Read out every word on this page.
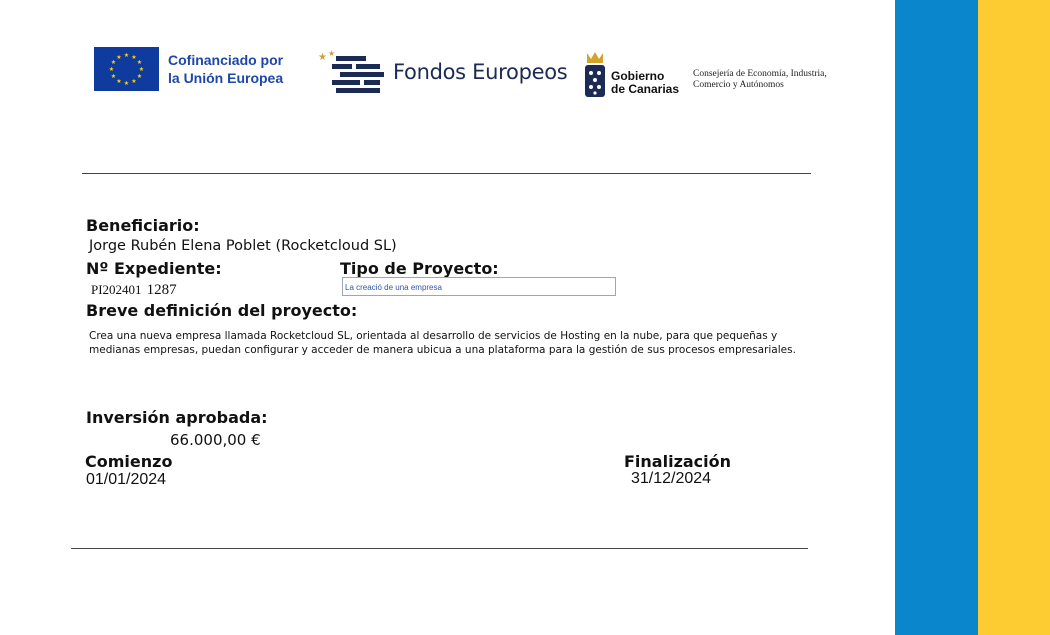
★ ★
★
★
★
★
★
★
★
★
★
★	Cofinanciado por
la Unión Europea
★ ★
Fondos Europeos	Gobierno
de Canarias
Consejería de Economía, Industria,
Comercio y Autónomos
Beneficiario:
Jorge Rubén Elena Poblet (Rocketcloud SL)
Nº Expediente:
PI202401 1287
Tipo de Proyecto:
La creació de una empresa
Breve definición del proyecto:
Crea una nueva empresa llamada Rocketcloud SL, orientada al desarrollo de servicios de Hosting en la nube, para que pequeñas y medianas empresas, puedan configurar y acceder de manera ubicua a una plataforma para la gestión de sus procesos empresariales.
Inversión aprobada:
66.000,00 €
Comienzo
01/01/2024
Finalización
31/12/2024
